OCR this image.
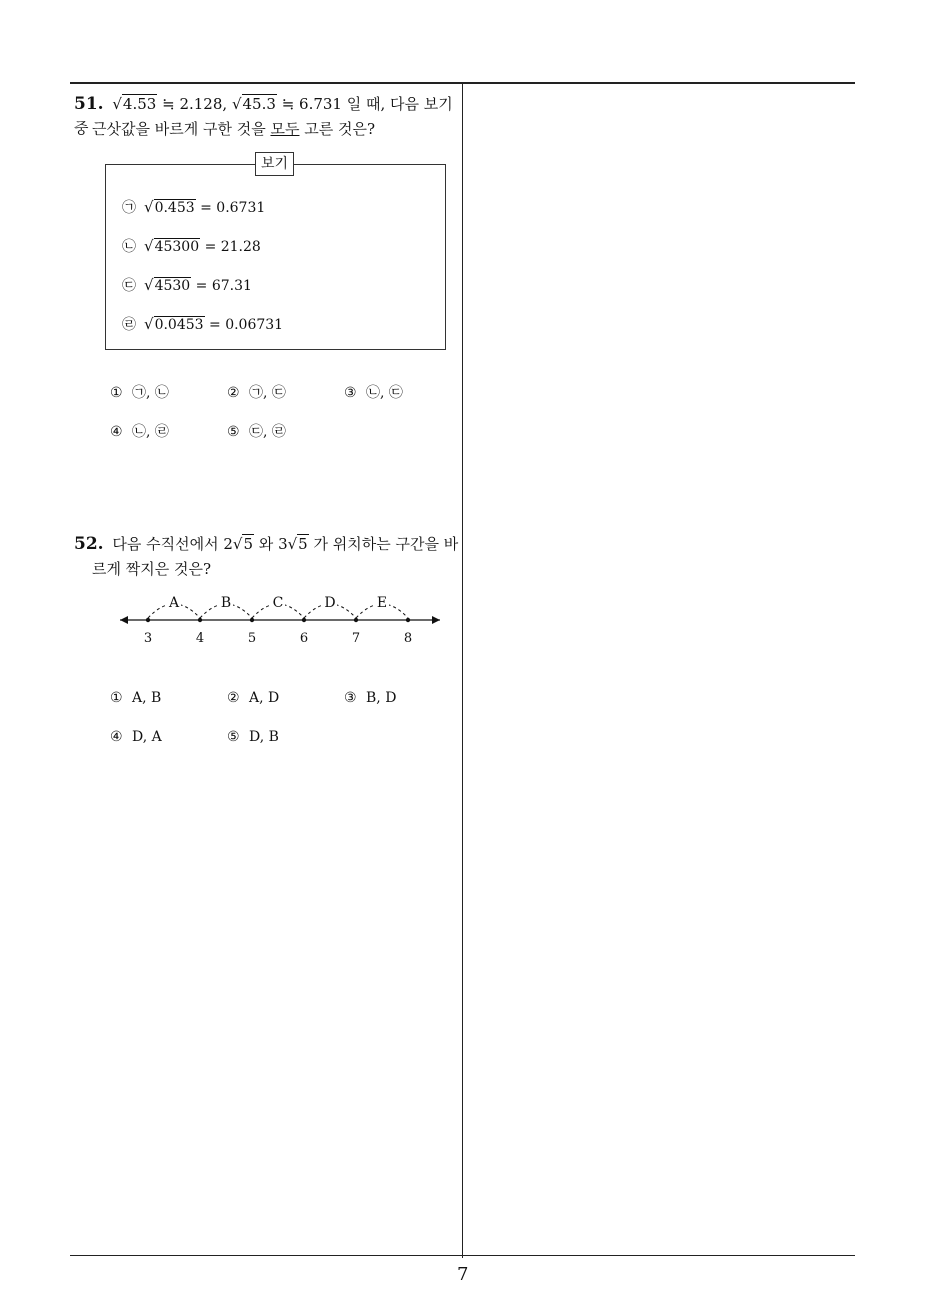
51. √4.53 ≒ 2.128, √45.3 ≒ 6.731 일 때, 다음 보기 중 근삿값을 바르게 구한 것을 모두 고른 것은?
보기
㉠ √0.453 = 0.6731
㉡ √45300 = 21.28
㉢ √4530 = 67.31
㉣ √0.0453 = 0.06731
① ㉠, ㉡	② ㉠, ㉢	③ ㉡, ㉢
④ ㉡, ㉣	⑤ ㉢, ㉣
52. 다음 수직선에서 2√5 와 3√5 가 위치하는 구간을 바
르게 짝지은 것은?
3	4	5	6	7	8
A	B	C	D	E
① A, B	② A, D	③ B, D
④ D, A	⑤ D, B
7
